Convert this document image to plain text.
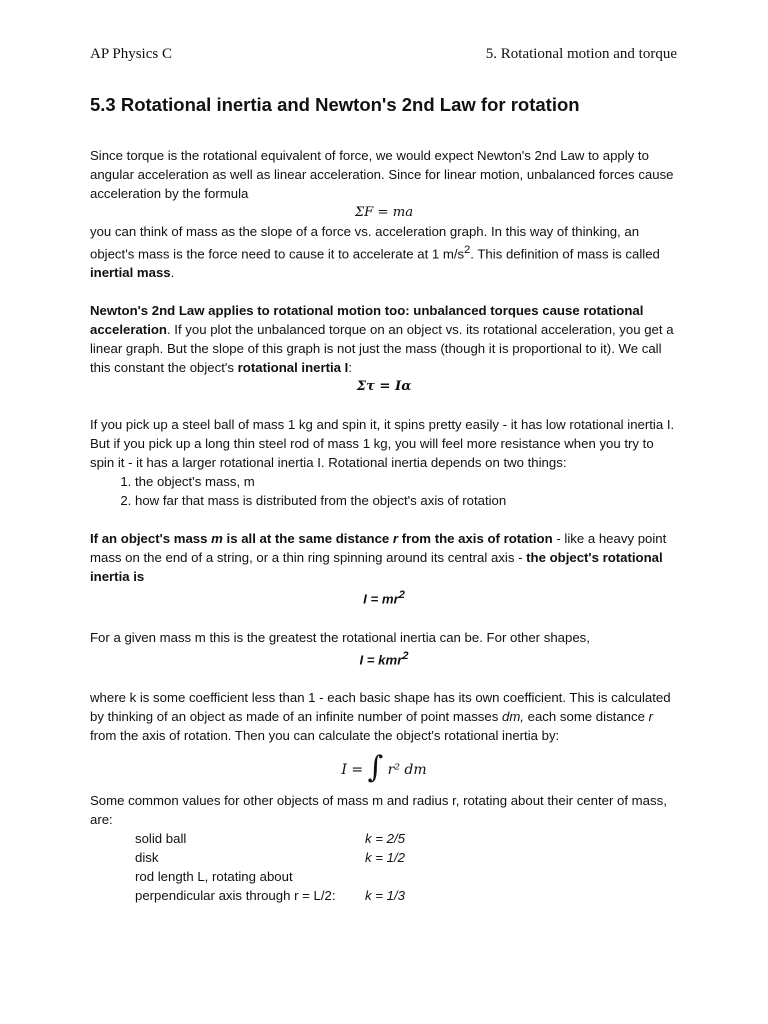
AP Physics C	5. Rotational motion and torque
5.3 Rotational inertia and Newton's 2nd Law for rotation

Since torque is the rotational equivalent of force, we would expect Newton's 2nd Law to apply to angular acceleration as well as linear acceleration. Since for linear motion, unbalanced forces cause acceleration by the formula

ΣF = ma

you can think of mass as the slope of a force vs. acceleration graph. In this way of thinking, an object's mass is the force need to cause it to accelerate at 1 $m/s^2$. This definition of mass is called inertial mass.

Newton's 2nd Law applies to rotational motion too: unbalanced torques cause rotational acceleration. If you plot the unbalanced torque on an object vs. its rotational acceleration, you get a linear graph. But the slope of this graph is not just the mass (though it is proportional to it). We call this constant the object's rotational inertia I:

Στ = Iα

If you pick up a steel ball of mass 1 kg and spin it, it spins pretty easily - it has low rotational inertia I. But if you pick up a long thin steel rod of mass 1 kg, you will feel more resistance when you try to spin it - it has a larger rotational inertia I. Rotational inertia depends on two things:

1. the object's mass, m
2. how far that mass is distributed from the object's axis of rotation

If an object's mass m is all at the same distance r from the axis of rotation - like a heavy point mass on the end of a string, or a thin ring spinning around its central axis - the object's rotational inertia is

$I = mr^2$

For a given mass m this is the greatest the rotational inertia can be. For other shapes,

I = kmr$^2$

where k is some coefficient less than 1 - each basic shape has its own coefficient. This is calculated by thinking of an object as made of an infinite number of point masses dm, each some distance r from the axis of rotation. Then you can calculate the object's rotational inertia by:

I = ∫ r² dm

Some common values for other objects of mass m and radius r, rotating about their center of mass, are:

solid ball	k = 2/5
disk	k = 1/2
rod length L, rotating about
perpendicular axis through r = L/2:	k = 1/3
